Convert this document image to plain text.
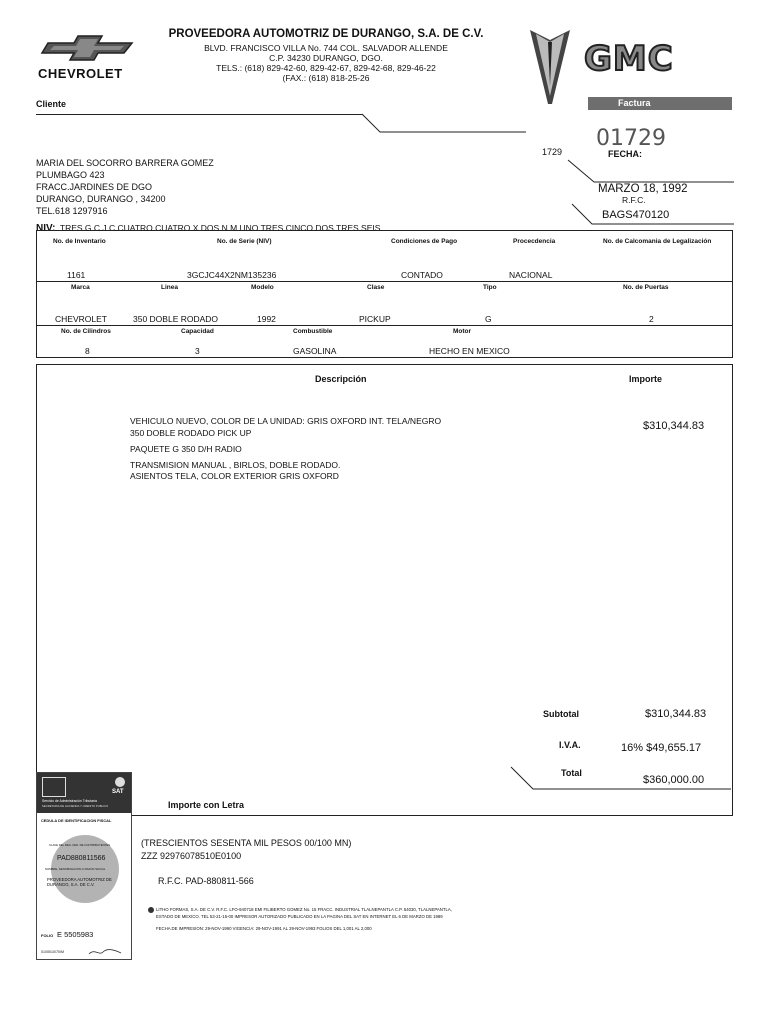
CHEVROLET
PROVEEDORA AUTOMOTRIZ DE DURANGO, S.A. DE C.V.
BLVD. FRANCISCO VILLA No. 744 COL. SALVADOR ALLENDE
C.P. 34230 DURANGO, DGO.
TELS.: (618) 829-42-60, 829-42-67, 829-42-68, 829-46-22
(FAX.: (618) 818-25-26	GMC
Cliente	Factura
1729
01729
FECHA:
MARZO 18, 1992
R.F.C.
BAGS470120
MARIA DEL SOCORRO BARRERA GOMEZ
PLUMBAGO 423
FRACC.JARDINES DE DGO
DURANGO, DURANGO , 34200
TEL.618 1297916
NIV: TRES G C J C CUATRO CUATRO X DOS N M UNO TRES CINCO DOS TRES SEIS
No. de Inventario	No. de Serie (NIV)	Condiciones de Pago	Procecdencia	No. de Calcomania de Legalización
1161	3GCJC44X2NM135236	CONTADO	NACIONAL
Marca	Linea	Modelo	Clase	Tipo	No. de Puertas
CHEVROLET	350 DOBLE RODADO	1992	PICKUP	G	2
No. de Cilindros	Capacidad	Combustible	Motor
8	3	GASOLINA	HECHO EN MEXICO
Descripción	Importe
VEHICULO NUEVO, COLOR DE LA UNIDAD: GRIS OXFORD INT. TELA/NEGRO
350 DOBLE RODADO PICK UP
PAQUETE G 350 D/H RADIO
TRANSMISION MANUAL , BIRLOS, DOBLE RODADO.
ASIENTOS TELA, COLOR EXTERIOR GRIS OXFORD
$310,344.83
Subtotal	$310,344.83
I.V.A.	16% $49,655.17
Total
$360,000.00
Importe con Letra
(TRESCIENTOS SESENTA MIL PESOS 00/100 MN)
ZZZ 92976078510E0100
R.F.C. PAD-880811-566
LITHO FORMAS, S.A. DE C.V. R.F.C. LFO-940718 EMI FILIBERTO GOMEZ No. 15 FRACC. INDUSTRIAL TLALNEPANTLA C.P. 54030, TLALNEPANTLA,
ESTADO DE MEXICO. TEL 53-21-15-00 IMPRESOR AUTORIZADO PUBLICADO EN LA PAGINA DEL SAT EN INTERNET EL 6 DE MARZO DE 1989
FECHA DE IMPRESION: 29-NOV-1990 VIGENCIA: 29-NOV-1991 AL 29-NOV-1993 FOLIOS DEL 1,001 AL 2,000
SAT
Servicio de Administración Tributaria
SECRETARIA DE HACIENDA Y CREDITO PUBLICO
CEDULA DE IDENTIFICACION FISCAL
CLAVE DEL REG. FED. DE CONTRIBUYENTES
PAD880811566
NOMBRE, DENOMINACION O RAZON SOCIAL
PROVEEDORA AUTOMOTRIZ DE DURANGO, S.A. DE C.V.
FOLIO E 5505983
01/05/10/70/M
